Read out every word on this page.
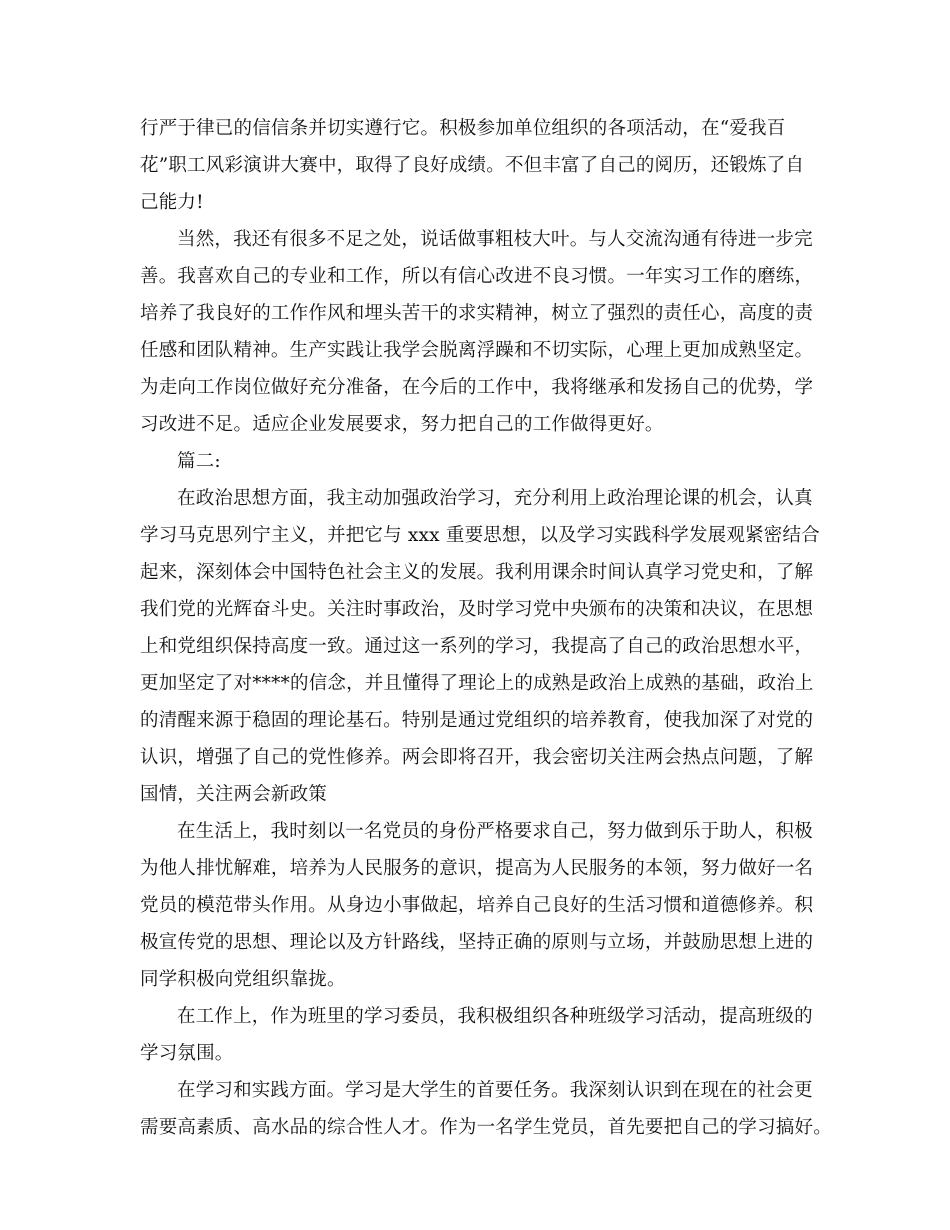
行严于律已的信信条并切实遵行它。积极参加单位组织的各项活动，在“爱我百
花”职工风彩演讲大赛中，取得了良好成绩。不但丰富了自己的阅历，还锻炼了自
己能力!
当然，我还有很多不足之处，说话做事粗枝大叶。与人交流沟通有待进一步完
善。我喜欢自己的专业和工作，所以有信心改进不良习惯。一年实习工作的磨练，
培养了我良好的工作作风和埋头苦干的求实精神，树立了强烈的责任心，高度的责
任感和团队精神。生产实践让我学会脱离浮躁和不切实际，心理上更加成熟坚定。
为走向工作岗位做好充分准备，在今后的工作中，我将继承和发扬自己的优势，学
习改进不足。适应企业发展要求，努力把自己的工作做得更好。
篇二:
在政治思想方面，我主动加强政治学习，充分利用上政治理论课的机会，认真
学习马克思列宁主义，并把它与 xxx 重要思想，以及学习实践科学发展观紧密结合
起来，深刻体会中国特色社会主义的发展。我利用课余时间认真学习党史和，了解
我们党的光辉奋斗史。关注时事政治，及时学习党中央颁布的决策和决议，在思想
上和党组织保持高度一致。通过这一系列的学习，我提高了自己的政治思想水平，
更加坚定了对****的信念，并且懂得了理论上的成熟是政治上成熟的基础，政治上
的清醒来源于稳固的理论基石。特别是通过党组织的培养教育，使我加深了对党的
认识，增强了自己的党性修养。两会即将召开，我会密切关注两会热点问题，了解
国情，关注两会新政策
在生活上，我时刻以一名党员的身份严格要求自己，努力做到乐于助人，积极
为他人排忧解难，培养为人民服务的意识，提高为人民服务的本领，努力做好一名
党员的模范带头作用。从身边小事做起，培养自己良好的生活习惯和道德修养。积
极宣传党的思想、理论以及方针路线，坚持正确的原则与立场，并鼓励思想上进的
同学积极向党组织靠拢。
在工作上，作为班里的学习委员，我积极组织各种班级学习活动，提高班级的
学习氛围。
在学习和实践方面。学习是大学生的首要任务。我深刻认识到在现在的社会更
需要高素质、高水品的综合性人才。作为一名学生党员，首先要把自己的学习搞好。
